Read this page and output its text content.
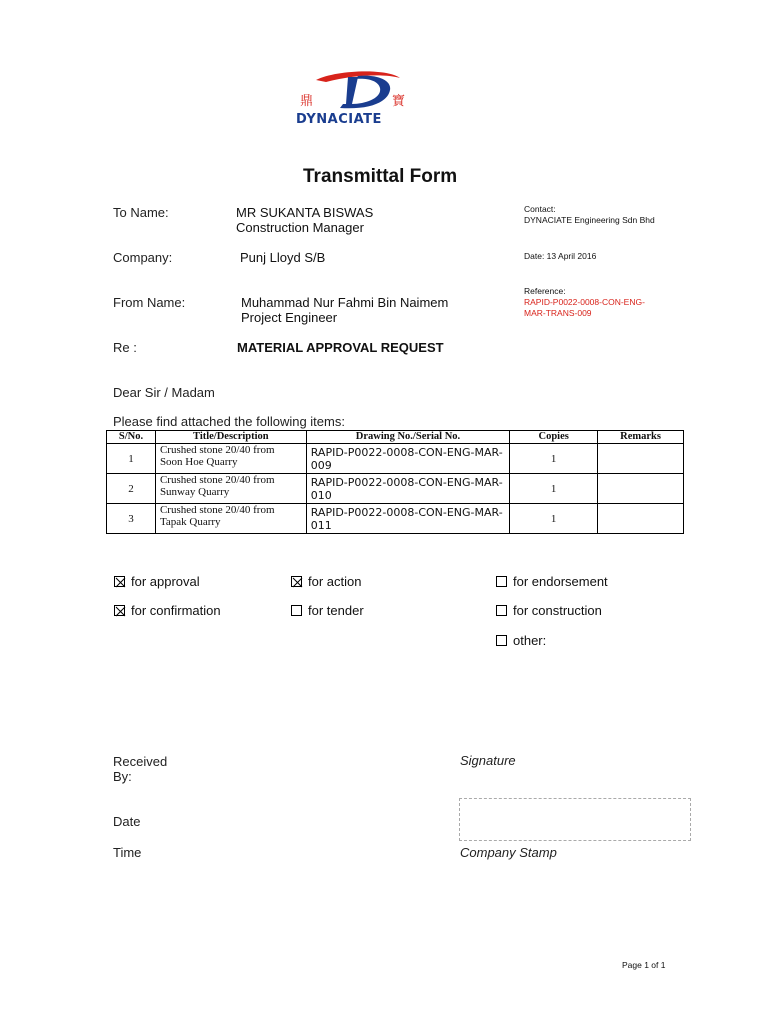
鼎	寶
DYNACIATE
Transmittal Form
To Name:	MR SUKANTA BISWAS
Construction Manager
Contact:
DYNACIATE Engineering Sdn Bhd
Company:	Punj Lloyd S/B	Date: 13 April 2016
Reference:
RAPID-P0022-0008-CON-ENG-
MAR-TRANS-009
From Name:	Muhammad Nur Fahmi Bin Naimem
Project Engineer
Re :	MATERIAL APPROVAL REQUEST
Dear Sir / Madam
Please find attached the following items:
S/No.	Title/Description	Drawing No./Serial No.	Copies	Remarks
1	Crushed stone 20/40 from
Soon Hoe Quarry	RAPID-P0022-0008-CON-ENG-MAR-009	1	
2	Crushed stone 20/40 from
Sunway Quarry	RAPID-P0022-0008-CON-ENG-MAR-010	1	
3	Crushed stone 20/40 from
Tapak Quarry	RAPID-P0022-0008-CON-ENG-MAR-011	1	
for approval	for action	for endorsement
for confirmation	for tender	for construction
other:
Received
By:
Signature
Date
Time	Company Stamp
Page 1 of 1
